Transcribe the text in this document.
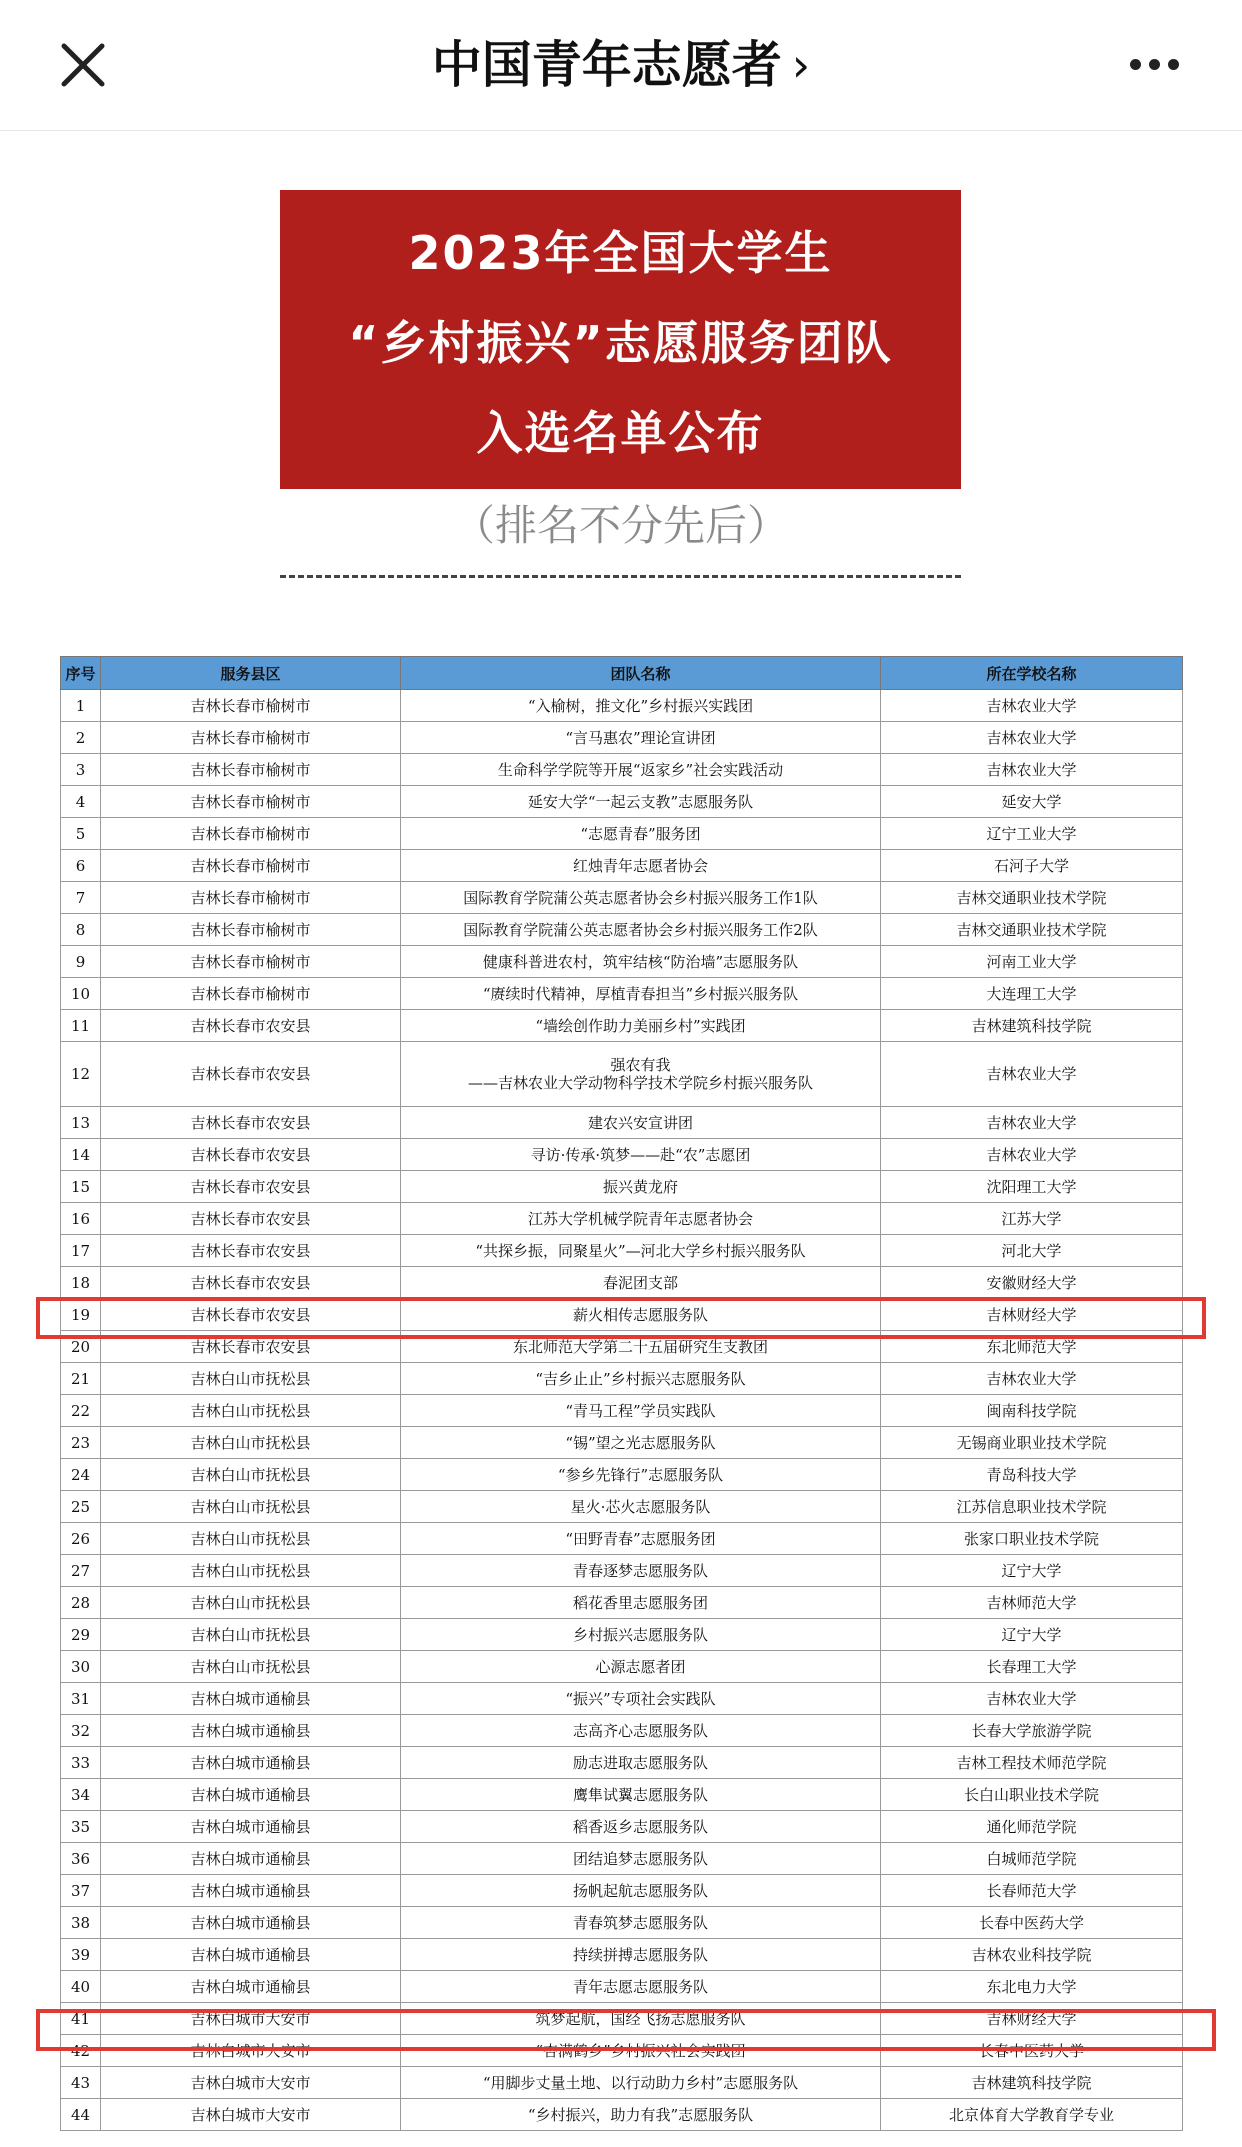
中国青年志愿者 ›
2023年全国大学生
“乡村振兴”志愿服务团队
入选名单公布
（排名不分先后）
序号	服务县区	团队名称	所在学校名称
1	吉林长春市榆树市	“入榆树，推文化”乡村振兴实践团	吉林农业大学
2	吉林长春市榆树市	“言马惠农”理论宣讲团	吉林农业大学
3	吉林长春市榆树市	生命科学学院等开展“返家乡”社会实践活动	吉林农业大学
4	吉林长春市榆树市	延安大学“一起云支教”志愿服务队	延安大学
5	吉林长春市榆树市	“志愿青春”服务团	辽宁工业大学
6	吉林长春市榆树市	红烛青年志愿者协会	石河子大学
7	吉林长春市榆树市	国际教育学院蒲公英志愿者协会乡村振兴服务工作1队	吉林交通职业技术学院
8	吉林长春市榆树市	国际教育学院蒲公英志愿者协会乡村振兴服务工作2队	吉林交通职业技术学院
9	吉林长春市榆树市	健康科普进农村，筑牢结核“防治墙”志愿服务队	河南工业大学
10	吉林长春市榆树市	“赓续时代精神，厚植青春担当”乡村振兴服务队	大连理工大学
11	吉林长春市农安县	“墙绘创作助力美丽乡村”实践团	吉林建筑科技学院
12	吉林长春市农安县	强农有我
——吉林农业大学动物科学技术学院乡村振兴服务队	吉林农业大学
13	吉林长春市农安县	建农兴安宣讲团	吉林农业大学
14	吉林长春市农安县	寻访·传承·筑梦——赴“农”志愿团	吉林农业大学
15	吉林长春市农安县	振兴黄龙府	沈阳理工大学
16	吉林长春市农安县	江苏大学机械学院青年志愿者协会	江苏大学
17	吉林长春市农安县	“共探乡振，同聚星火”—河北大学乡村振兴服务队	河北大学
18	吉林长春市农安县	春泥团支部	安徽财经大学
19	吉林长春市农安县	薪火相传志愿服务队	吉林财经大学
20	吉林长春市农安县	东北师范大学第二十五届研究生支教团	东北师范大学
21	吉林白山市抚松县	“吉乡止止”乡村振兴志愿服务队	吉林农业大学
22	吉林白山市抚松县	“青马工程”学员实践队	闽南科技学院
23	吉林白山市抚松县	“锡”望之光志愿服务队	无锡商业职业技术学院
24	吉林白山市抚松县	“参乡先锋行”志愿服务队	青岛科技大学
25	吉林白山市抚松县	星火·芯火志愿服务队	江苏信息职业技术学院
26	吉林白山市抚松县	“田野青春”志愿服务团	张家口职业技术学院
27	吉林白山市抚松县	青春逐梦志愿服务队	辽宁大学
28	吉林白山市抚松县	稻花香里志愿服务团	吉林师范大学
29	吉林白山市抚松县	乡村振兴志愿服务队	辽宁大学
30	吉林白山市抚松县	心源志愿者团	长春理工大学
31	吉林白城市通榆县	“振兴”专项社会实践队	吉林农业大学
32	吉林白城市通榆县	志高齐心志愿服务队	长春大学旅游学院
33	吉林白城市通榆县	励志进取志愿服务队	吉林工程技术师范学院
34	吉林白城市通榆县	鹰隼试翼志愿服务队	长白山职业技术学院
35	吉林白城市通榆县	稻香返乡志愿服务队	通化师范学院
36	吉林白城市通榆县	团结追梦志愿服务队	白城师范学院
37	吉林白城市通榆县	扬帆起航志愿服务队	长春师范大学
38	吉林白城市通榆县	青春筑梦志愿服务队	长春中医药大学
39	吉林白城市通榆县	持续拼搏志愿服务队	吉林农业科技学院
40	吉林白城市通榆县	青年志愿志愿服务队	东北电力大学
41	吉林白城市大安市	筑梦起航，国经飞扬志愿服务队	吉林财经大学
42	吉林白城市大安市	“杏满鹤乡”乡村振兴社会实践团	长春中医药大学
43	吉林白城市大安市	“用脚步丈量土地、以行动助力乡村”志愿服务队	吉林建筑科技学院
44	吉林白城市大安市	“乡村振兴，助力有我”志愿服务队	北京体育大学教育学专业
